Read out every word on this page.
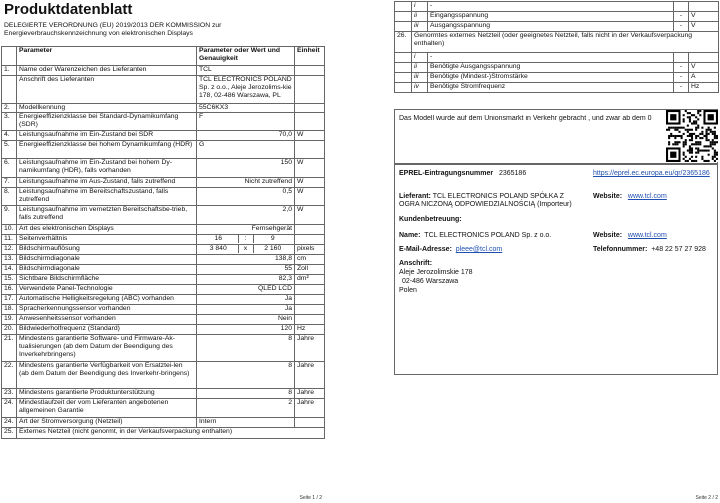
Produktdatenblatt
DELEGIERTE VERORDNUNG (EU) 2019/2013 DER KOMMISSION zur Energieverbrauchskennzeichnung von elektronischen Displays
	Parameter	Parameter oder Wert und Genauigkeit	Einheit
1.	Name oder Warenzeichen des Lieferanten	TCL	
	Anschrift des Lieferanten	TCL ELECTRONICS POLAND Sp. z o.o., Aleje Jerozolims-kie 178, 02-486 Warszawa, PL	
2.	Modellkennung	55C6KX3	
3.	Energieeffizienzklasse bei Standard-Dynamikumfang (SDR)	F	
4.	Leistungsaufnahme im Ein-Zustand bei SDR	70,0	W
5.	Energieeffizienzklasse bei hohem Dynamikumfang (HDR)	G	
6.	Leistungsaufnahme im Ein-Zustand bei hohem Dy-namikumfang (HDR), falls vorhanden	150	W
7.	Leistungsaufnahme im Aus-Zustand, falls zutreffend	Nicht zutreffend	W
8.	Leistungsaufnahme im Bereitschaftszustand, falls zutreffend	0,5	W
9.	Leistungsaufnahme im vernetzten Bereitschaftsbe-trieb, falls zutreffend	2,0	W
10.	Art des elektronischen Displays	Fernsehgerät	
11.	Seitenverhältnis	16 : 9	

12.	Bildschirmauflösung	3 840 x 2 160	pixels
13.	Bildschirmdiagonale	138,8	cm
14.	Bildschirmdiagonale	55	Zoll
15.	Sichtbare Bildschirmfläche	82,3	dm²
16.	Verwendete Panel-Technologie	QLED LCD	
17.	Automatische Helligkeitsregelung (ABC) vorhanden	Ja	
18.	Spracherkennungssensor vorhanden	Ja	
19.	Anwesenheitssensor vorhanden	Nein	
20.	Bildwiederholfrequenz (Standard)	120	Hz
21.	Mindestens garantierte Software- und Firmware-Ak-tualisierungen (ab dem Datum der Beendigung des Inverkehrbringens)	8	Jahre
22.	Mindestens garantierte Verfügbarkeit von Ersatztei-len (ab dem Datum der Beendigung des Inverkehr-bringens)	8	Jahre
23.	Mindestens garantierte Produktunterstützung	8	Jahre
24.	Mindestlaufzeit der vom Lieferanten angebotenen allgemeinen Garantie	2	Jahre
24.	Art der Stromversorgung (Netzteil)	Intern	
25.	Externes Netzteil (nicht genormt, in der Verkaufsverpackung enthalten)		
Seite 1 / 2
	i	-		
	ii	Eingangsspannung	-	V
	iii	Ausgangsspannung	-	V
26.	Genormtes externes Netzteil (oder geeignetes Netzteil, falls nicht in der Verkaufsverpackung enthalten)			
	i	-		
	ii	Benötigte Ausgangsspannung	-	V
	iii	Benötigte (Mindest-)Stromstärke	-	A
	iv	Benötigte Stromfrequenz	-	Hz
Das Modell wurde auf dem Unionsmarkt in Verkehr gebracht , und zwar ab dem 0
EPREL-Eintragungsnummer 2365186	https://eprel.ec.europa.eu/qr/2365186
Lieferant: TCL ELECTRONICS POLAND SPÓŁKA Z OGRA NICZONĄ ODPOWIEDZIALNOŚCIĄ (Importeur)
Website: www.tcl.com
Kundenbetreuung:
Name: TCL ELECTRONICS POLAND Sp. z o.o.	Website: www.tcl.com
E-Mail-Adresse: pleee@tcl.com	Telefonnummer: +48 22 57 27 928
Anschrift:
Aleje Jerozolimskie 178
02-486 Warszawa
Polen
Seite 2 / 2
